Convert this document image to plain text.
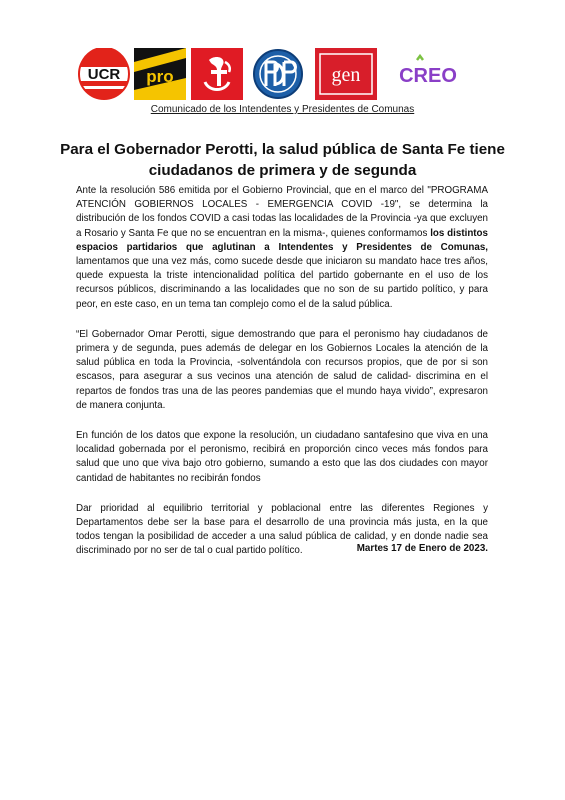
UCR pro	gen CREO
Comunicado de los Intendentes y Presidentes de Comunas
Para el Gobernador Perotti, la salud pública de Santa Fe tiene ciudadanos de primera y de segunda

Ante la resolución 586 emitida por el Gobierno Provincial, que en el marco del "PROGRAMA ATENCIÓN GOBIERNOS LOCALES - EMERGENCIA COVID -19", se determina la distribución de los fondos COVID a casi todas las localidades de la Provincia -ya que excluyen a Rosario y Santa Fe que no se encuentran en la misma-, quienes conformamos los distintos espacios partidarios que aglutinan a Intendentes y Presidentes de Comunas, lamentamos que una vez más, como sucede desde que iniciaron su mandato hace tres años, quede expuesta la triste intencionalidad política del partido gobernante en el uso de los recursos públicos, discriminando a las localidades que no son de su partido político, y para peor, en este caso, en un tema tan complejo como el de la salud pública.

“El Gobernador Omar Perotti, sigue demostrando que para el peronismo hay ciudadanos de primera y de segunda, pues además de delegar en los Gobiernos Locales la atención de la salud pública en toda la Provincia, -solventándola con recursos propios, que de por si son escasos, para asegurar a sus vecinos una atención de salud de calidad- discrimina en el repartos de fondos tras una de las peores pandemias que el mundo haya vivido”, expresaron de manera conjunta.

En función de los datos que expone la resolución, un ciudadano santafesino que viva en una localidad gobernada por el peronismo, recibirá en proporción cinco veces más fondos para salud que uno que viva bajo otro gobierno, sumando a esto que las dos ciudades con mayor cantidad de habitantes no recibirán fondos

Dar prioridad al equilibrio territorial y poblacional entre las diferentes Regiones y Departamentos debe ser la base para el desarrollo de una provincia más justa, en la que todos tengan la posibilidad de acceder a una salud pública de calidad, y en donde nadie sea discriminado por no ser de tal o cual partido político.	Martes 17 de Enero de 2023.
